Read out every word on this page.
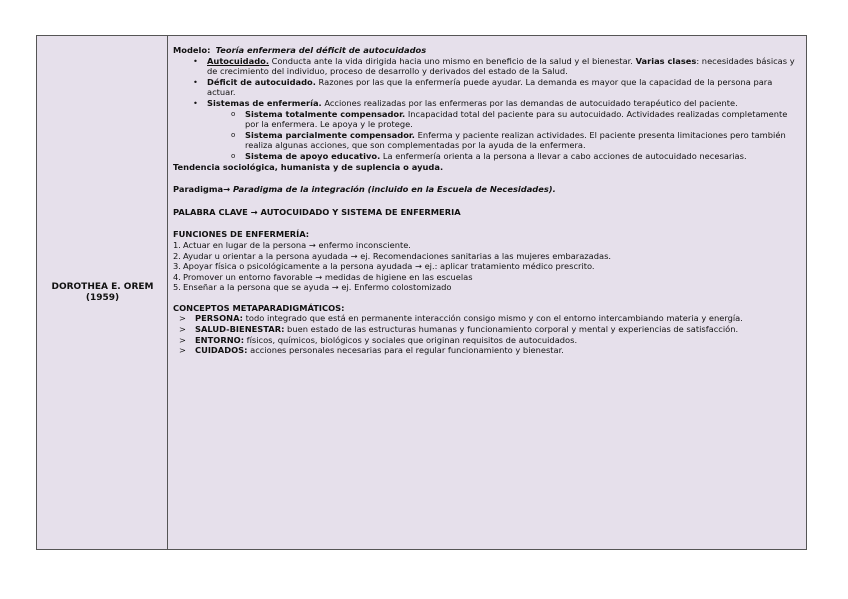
DOROTHEA E. OREM
(1959)
Modelo: Teoría enfermera del déficit de autocuidados
• Autocuidado. Conducta ante la vida dirigida hacia uno mismo en beneficio de la salud y el bienestar. Varias clases: necesidades básicas y de crecimiento del individuo, proceso de desarrollo y derivados del estado de la Salud.
• Déficit de autocuidado. Razones por las que la enfermería puede ayudar. La demanda es mayor que la capacidad de la persona para actuar.
• Sistemas de enfermería. Acciones realizadas por las enfermeras por las demandas de autocuidado terapéutico del paciente.
o Sistema totalmente compensador. Incapacidad total del paciente para su autocuidado. Actividades realizadas completamente por la enfermera. Le apoya y le protege.
o Sistema parcialmente compensador. Enferma y paciente realizan actividades. El paciente presenta limitaciones pero también realiza algunas acciones, que son complementadas por la ayuda de la enfermera.
o Sistema de apoyo educativo. La enfermería orienta a la persona a llevar a cabo acciones de autocuidado necesarias.
Tendencia sociológica, humanista y de suplencia o ayuda.
Paradigma→ Paradigma de la integración (incluido en la Escuela de Necesidades).
PALABRA CLAVE → AUTOCUIDADO Y SISTEMA DE ENFERMERIA
FUNCIONES DE ENFERMERÍA:
1. Actuar en lugar de la persona → enfermo inconsciente.
2. Ayudar u orientar a la persona ayudada → ej. Recomendaciones sanitarias a las mujeres embarazadas.
3. Apoyar física o psicológicamente a la persona ayudada → ej.: aplicar tratamiento médico prescrito.
4. Promover un entorno favorable → medidas de higiene en las escuelas
5. Enseñar a la persona que se ayuda → ej. Enfermo colostomizado
CONCEPTOS METAPARADIGMÁTICOS:
> PERSONA: todo integrado que está en permanente interacción consigo mismo y con el entorno intercambiando materia y energía.
> SALUD-BIENESTAR: buen estado de las estructuras humanas y funcionamiento corporal y mental y experiencias de satisfacción.
> ENTORNO: físicos, químicos, biológicos y sociales que originan requisitos de autocuidados.
> CUIDADOS: acciones personales necesarias para el regular funcionamiento y bienestar.
